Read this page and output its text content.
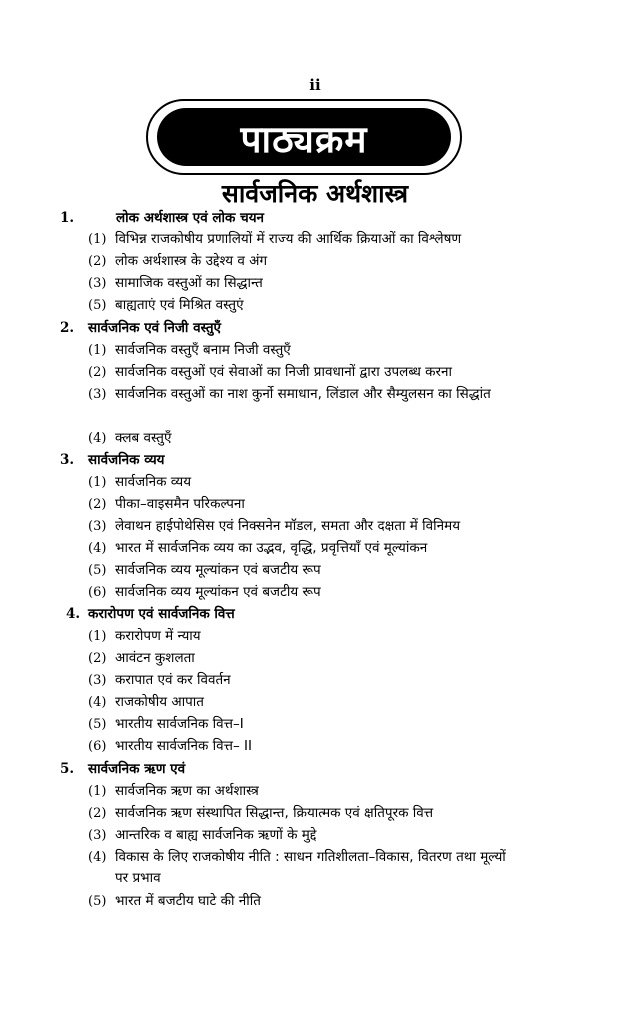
ii
पाठ्यक्रम
सार्वजनिक अर्थशास्त्र
1.	लोक अर्थशास्त्र एवं लोक चयन
(1) विभिन्न राजकोषीय प्रणालियों में राज्य की आर्थिक क्रियाओं का विश्लेषण
(2) लोक अर्थशास्त्र के उद्देश्य व अंग
(3) सामाजिक वस्तुओं का सिद्धान्त
(5) बाह्यताएं एवं मिश्रित वस्तुएं
2.	सार्वजनिक एवं निजी वस्तुएँ
(1) सार्वजनिक वस्तुएँ बनाम निजी वस्तुएँ
(2) सार्वजनिक वस्तुओं एवं सेवाओं का निजी प्रावधानों द्वारा उपलब्ध करना
(3) सार्वजनिक वस्तुओं का नाश कुर्नो समाधान, लिंडाल और सैम्युलसन का सिद्धांत
(4) क्लब वस्तुएँ
3.	सार्वजनिक व्यय
(1) सार्वजनिक व्यय
(2) पीका–वाइसमैन परिकल्पना
(3) लेवाथन हाईपोथेसिस एवं निक्सनेन मॉडल, समता और दक्षता में विनिमय
(4) भारत में सार्वजनिक व्यय का उद्भव, वृद्धि, प्रवृत्तियाँ एवं मूल्यांकन
(5) सार्वजनिक व्यय मूल्यांकन एवं बजटीय रूप
(6) सार्वजनिक व्यय मूल्यांकन एवं बजटीय रूप
4. करारोपण एवं सार्वजनिक वित्त
(1) करारोपण में न्याय
(2) आवंटन कुशलता
(3) करापात एवं कर विवर्तन
(4) राजकोषीय आपात
(5) भारतीय सार्वजनिक वित्त–I
(6) भारतीय सार्वजनिक वित्त– II
5.	सार्वजनिक ऋण एवं
(1) सार्वजनिक ऋण का अर्थशास्त्र
(2) सार्वजनिक ऋण संस्थापित सिद्धान्त, क्रियात्मक एवं क्षतिपूरक वित्त
(3) आन्तरिक व बाह्य सार्वजनिक ऋणों के मुद्दे
(4) विकास के लिए राजकोषीय नीति : साधन गतिशीलता–विकास, वितरण तथा मूल्यों पर प्रभाव
(5) भारत में बजटीय घाटे की नीति
